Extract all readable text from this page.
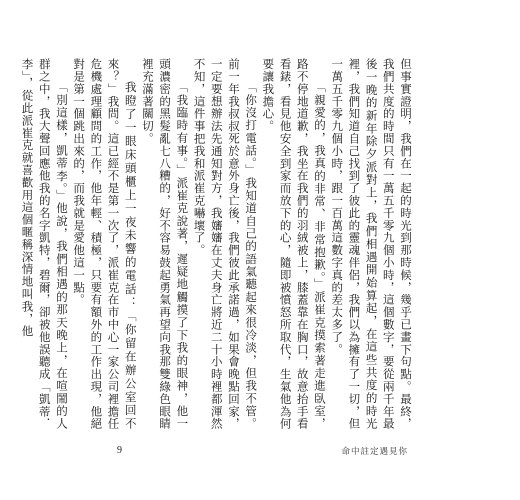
但事實證明，我們在一起的時光到那時候，幾乎已畫下句點。最終，我們共度的時間只有一萬五千零九個小時，這個數字，要從兩千年最後一晚的新年除夕派對上，我們相遇開始算起，在這些共度的時光裡，我們知道自己找到了彼此的靈魂伴侶，我們以為擁有了一切，但一萬五千零九個小時，跟一百萬這數字真的差太多了。

「親愛的，我真的非常、非常抱歉。」派崔克摸索著走進臥室，路不停地道歉，我坐在我們的羽絨被上，膝蓋靠在胸口，故意抬手看看錶，看見他安全到家而放下的心，隨即被憤怒所取代，生氣他為何要讓我擔心。

「你沒打電話。」我知道自己的語氣聽起來很冷淡，但我不管。前一年我叔叔死於意外身亡後，我們彼此承諾過，如果會晚點回家，一定要想辦法先通知對方，我嬸嬸在丈夫身亡將近二十小時裡都渾然不知，這件事把我和派崔克嚇壞了。

「我臨時有事。」派崔克說著，遲疑地觸摸了下我的眼神，他一頭濃密的黑髮亂七八糟的，好不容易鼓起勇氣再望向我那雙綠色眼睛裡充滿著關切。

我瞪了一眼床頭櫃上一夜未響的電話：「你留在辦公室回不來？」我問。這已經不是第一次了，派崔克在市中心一家公司裡擔任危機處理顧問的工作，他年輕、積極，只要有額外的工作出現，他絕對是第一個跳出來的，而我就是愛他這一點。

「別這樣，凱蒂李。」他說，我們相遇的那天晚上，在喧鬧的人群之中，我大聲回應他我的名字凱特，碧爾，卻被他誤聽成「凱蒂．李」，從此派崔克就喜歡用這個暱稱深情地叫我，他

9	命中註定遇見你
